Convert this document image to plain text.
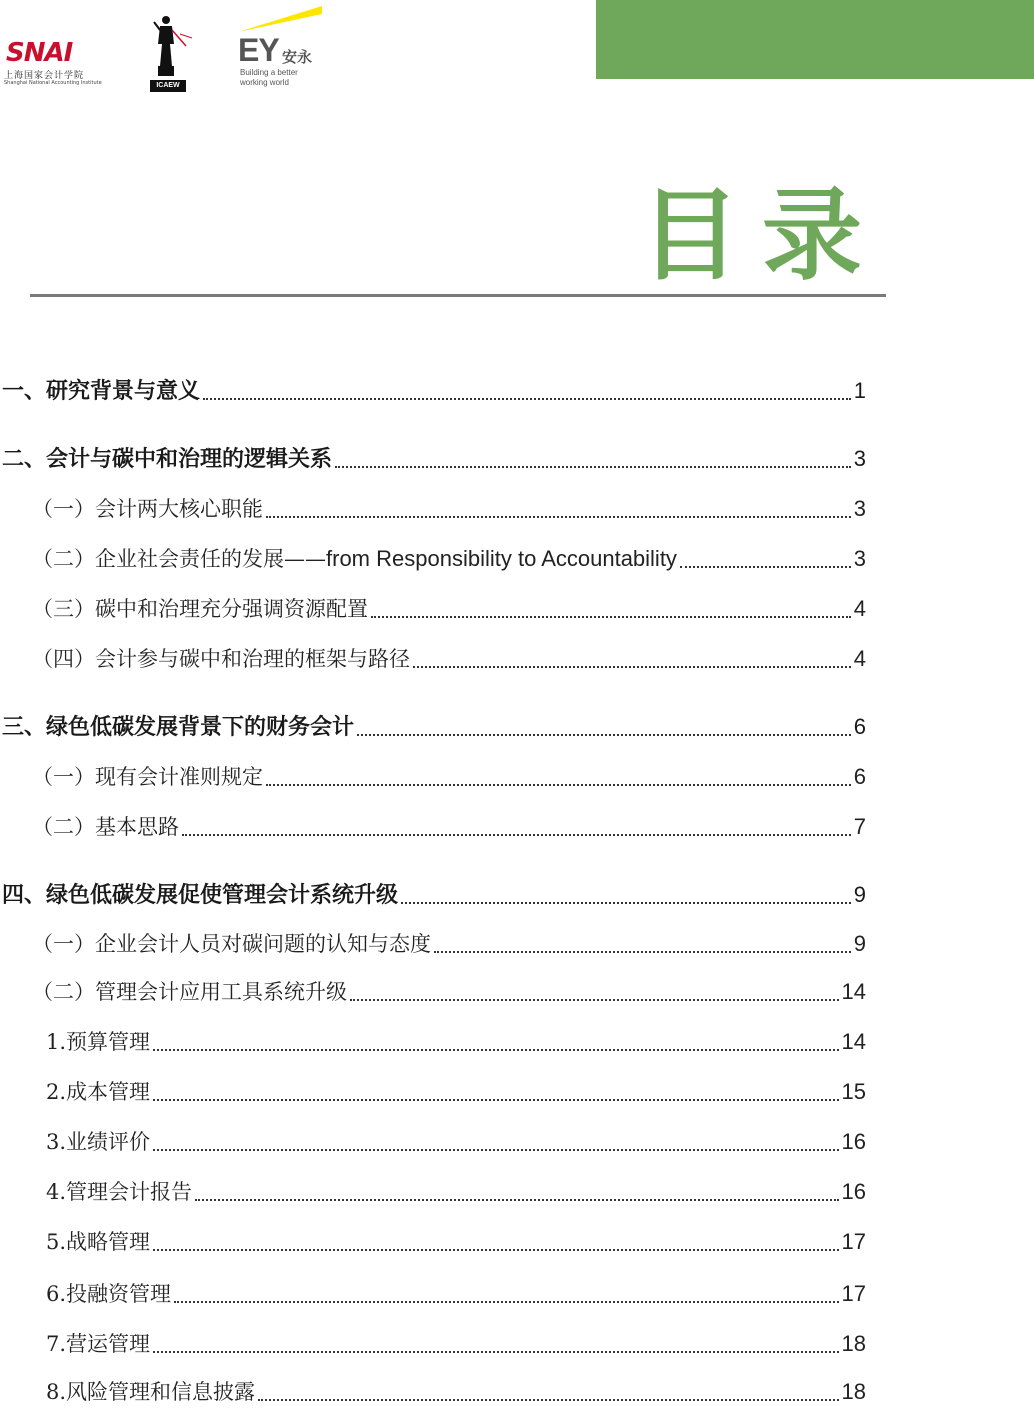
SNAI
上海国家会计学院
Shanghai National Accounting Institute	ICAEW
EY 安永
Building a better
working world
目录
一、研究背景与意义	1
二、会计与碳中和治理的逻辑关系	3
（一）会计两大核心职能	3
（二）企业社会责任的发展——from Responsibility to Accountability	3
（三）碳中和治理充分强调资源配置	4
（四）会计参与碳中和治理的框架与路径	4
三、绿色低碳发展背景下的财务会计	6
（一）现有会计准则规定	6
（二）基本思路	7
四、绿色低碳发展促使管理会计系统升级	9
（一）企业会计人员对碳问题的认知与态度	9
（二）管理会计应用工具系统升级	14
1.预算管理	14
2.成本管理	15
3.业绩评价	16
4.管理会计报告	16
5.战略管理	17
6.投融资管理	17
7.营运管理	18
8.风险管理和信息披露	18
